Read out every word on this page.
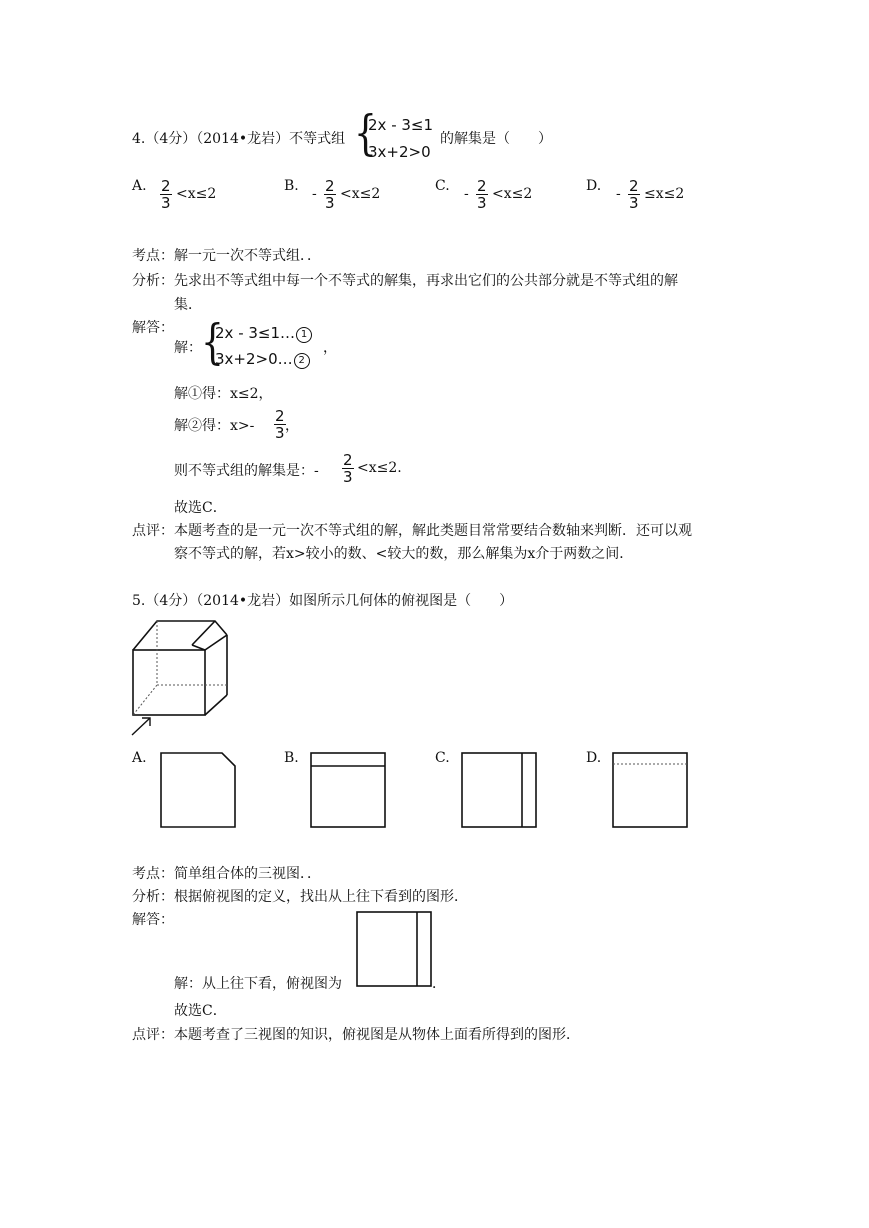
4.（4分）（2014•龙岩）不等式组 {
2x - 3≤1
3x+2>0
的解集是（　　）
A. $\frac{2}{3} <x\le 2$	B. - $\frac{2}{3} <x\le 2$	C. - $\frac{2}{3} <x\le 2$	D. - $\frac{2}{3} \le x\le 2$
考点：解一元一次不等式组．．
分析：先求出不等式组中每一个不等式的解集，再求出它们的公共部分就是不等式组的解
集．
解答：
解： {
2x - 3≤1… 1
3x+2>0… 2
，
解①得：x≤2，
解②得：$x>- \frac{2}{3}$ ，
则不等式组的解集是：- $\frac{2}{3} <x\le 2$.
故选C．
点评：本题考查的是一元一次不等式组的解，解此类题目常常要结合数轴来判断．还可以观
察不等式的解，若x>较小的数、<较大的数，那么解集为x介于两数之间．
5.（4分）（2014•龙岩）如图所示几何体的俯视图是（　　）
A.	B.	C.	D.
考点：简单组合体的三视图．．
分析：根据俯视图的定义，找出从上往下看到的图形．
解答：
解：从上往下看，俯视图为	．
故选C．
点评：本题考查了三视图的知识，俯视图是从物体上面看所得到的图形．
